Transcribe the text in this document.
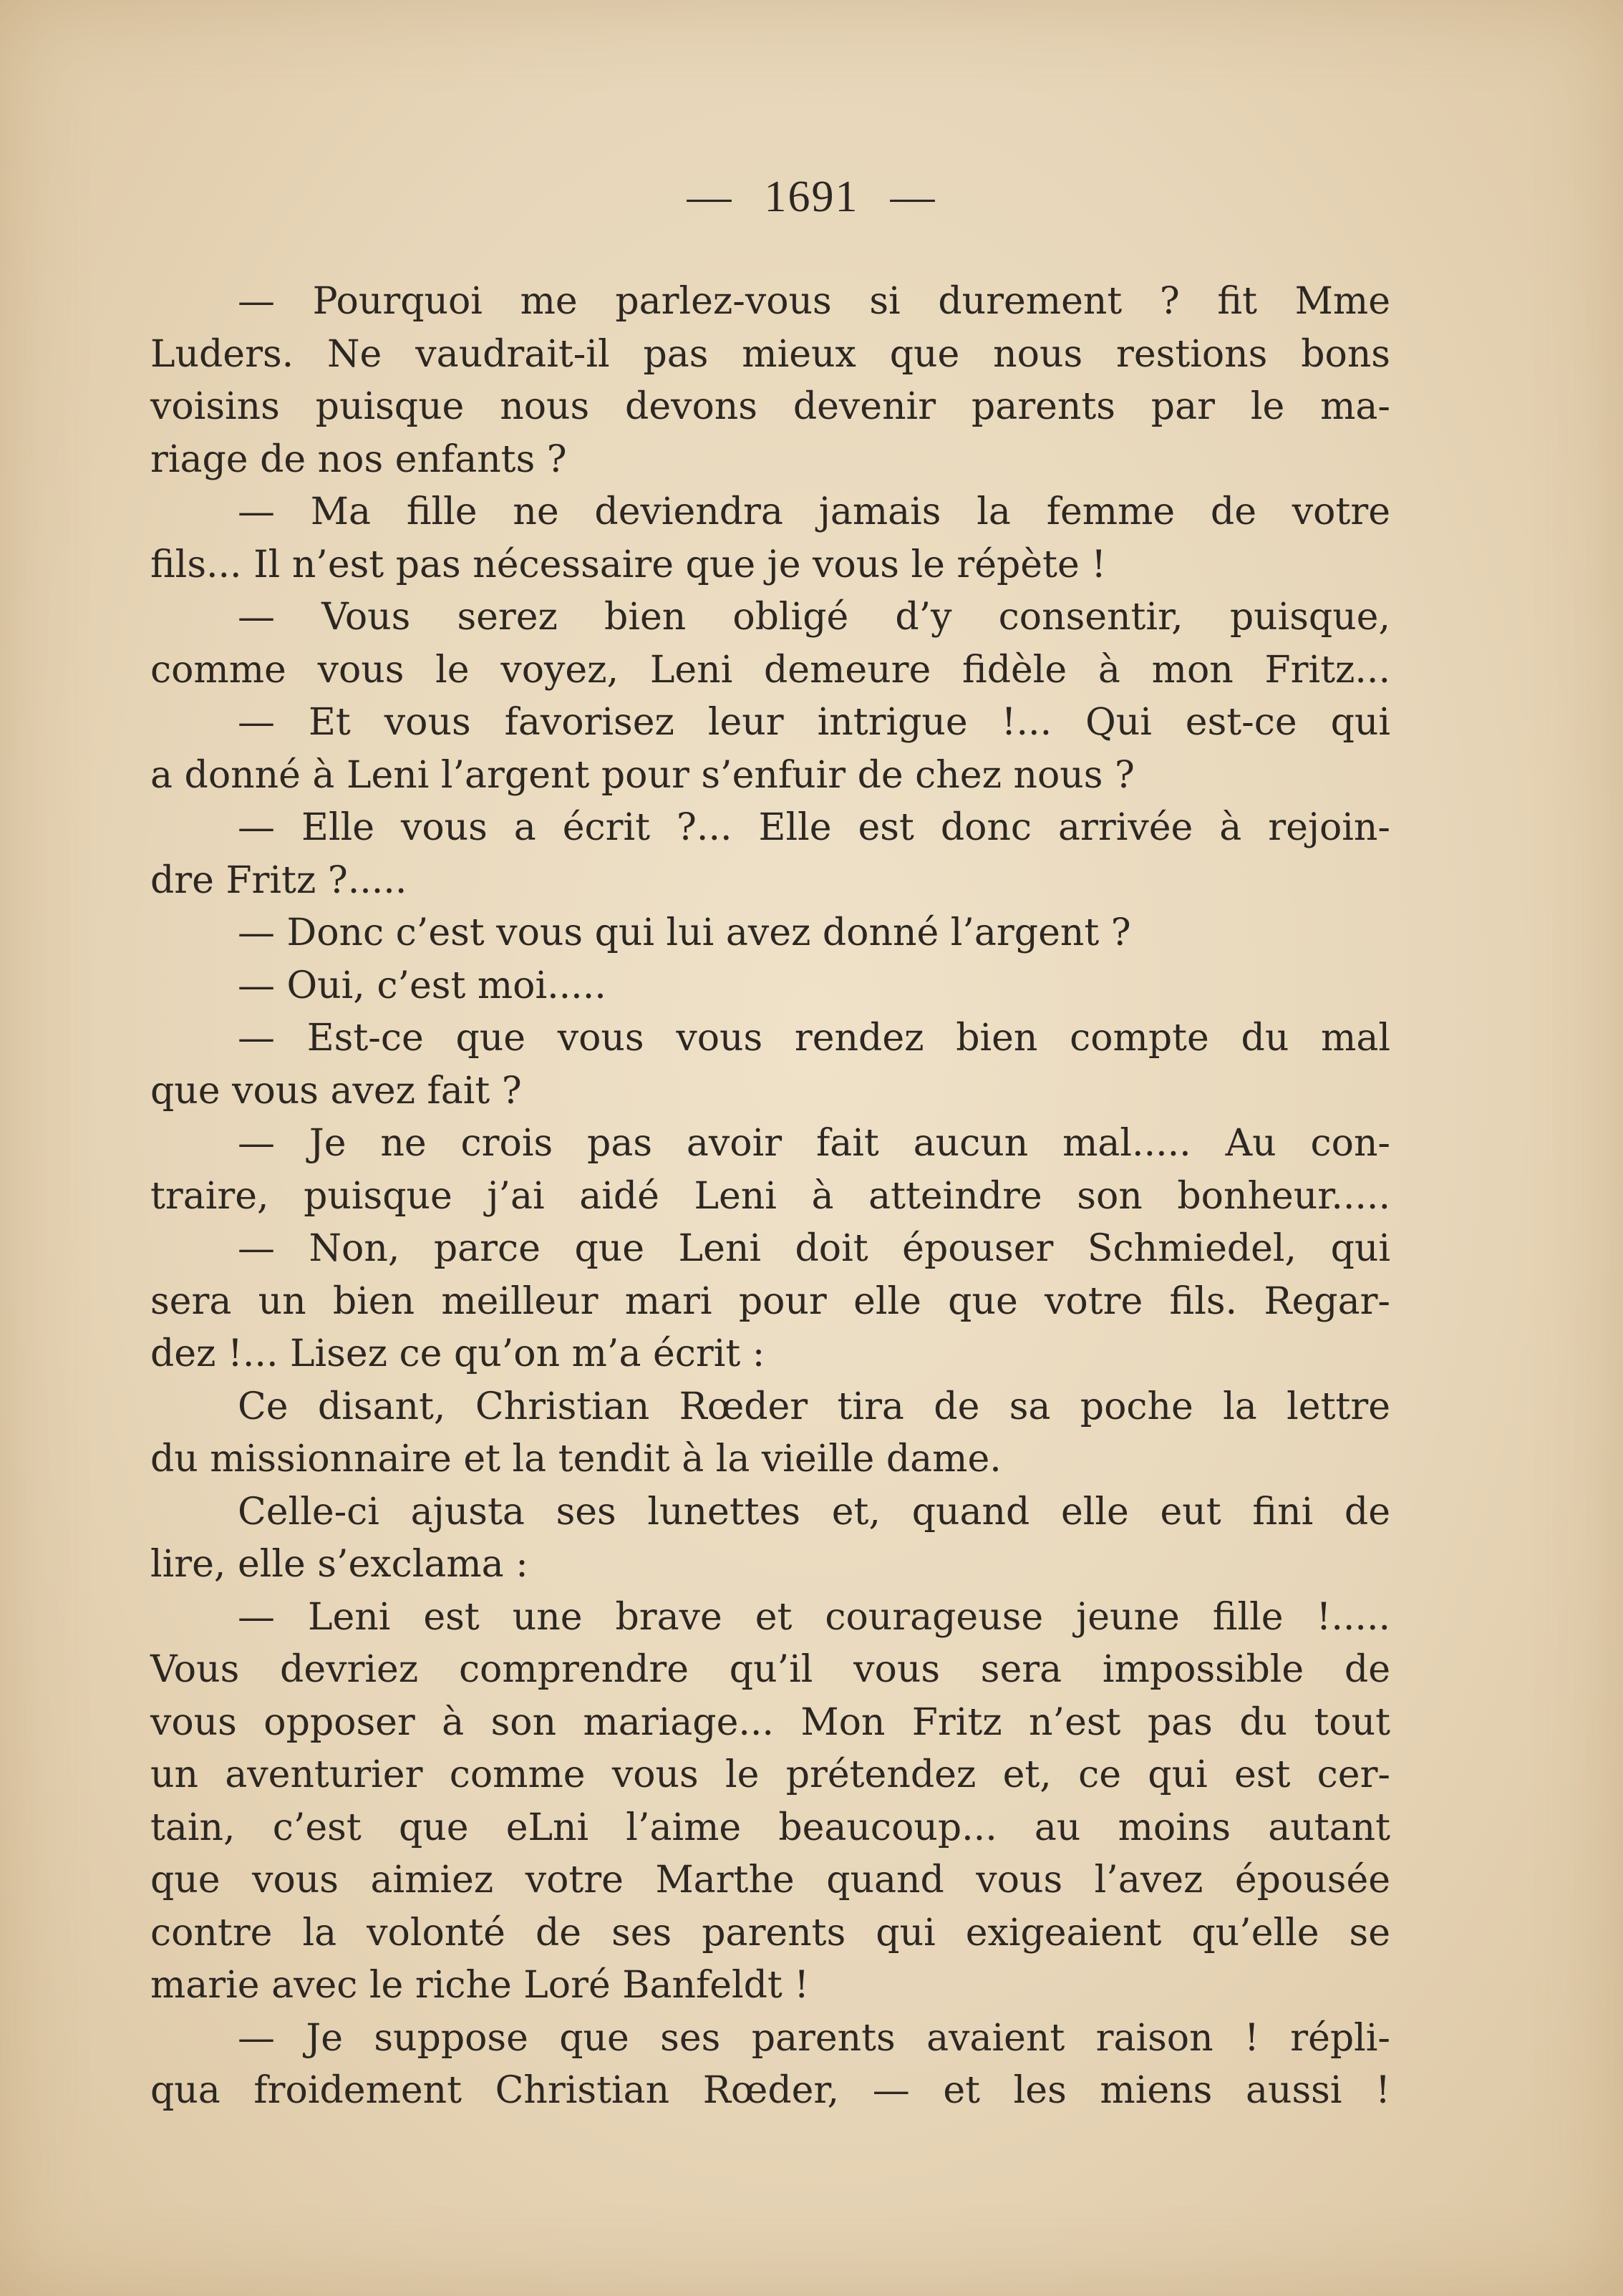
— 1691 —
— Pourquoi me parlez-vous si durement ? fit Mme
Luders. Ne vaudrait-il pas mieux que nous restions bons
voisins puisque nous devons devenir parents par le ma-
riage de nos enfants ?
— Ma fille ne deviendra jamais la femme de votre
fils... Il n’est pas nécessaire que je vous le répète !
— Vous serez bien obligé d’y consentir, puisque,
comme vous le voyez, Leni demeure fidèle à mon Fritz...
— Et vous favorisez leur intrigue !... Qui est-ce qui
a donné à Leni l’argent pour s’enfuir de chez nous ?
— Elle vous a écrit ?... Elle est donc arrivée à rejoin-
dre Fritz ?.....
— Donc c’est vous qui lui avez donné l’argent ?
— Oui, c’est moi.....
— Est-ce que vous vous rendez bien compte du mal
que vous avez fait ?
— Je ne crois pas avoir fait aucun mal..... Au con-
traire, puisque j’ai aidé Leni à atteindre son bonheur.....
— Non, parce que Leni doit épouser Schmiedel, qui
sera un bien meilleur mari pour elle que votre fils. Regar-
dez !... Lisez ce qu’on m’a écrit :
Ce disant, Christian Rœder tira de sa poche la lettre
du missionnaire et la tendit à la vieille dame.
Celle-ci ajusta ses lunettes et, quand elle eut fini de
lire, elle s’exclama :
— Leni est une brave et courageuse jeune fille !.....
Vous devriez comprendre qu’il vous sera impossible de
vous opposer à son mariage... Mon Fritz n’est pas du tout
un aventurier comme vous le prétendez et, ce qui est cer-
tain, c’est que eLni l’aime beaucoup... au moins autant
que vous aimiez votre Marthe quand vous l’avez épousée
contre la volonté de ses parents qui exigeaient qu’elle se
marie avec le riche Loré Banfeldt !
— Je suppose que ses parents avaient raison ! répli-
qua froidement Christian Rœder, — et les miens aussi !
